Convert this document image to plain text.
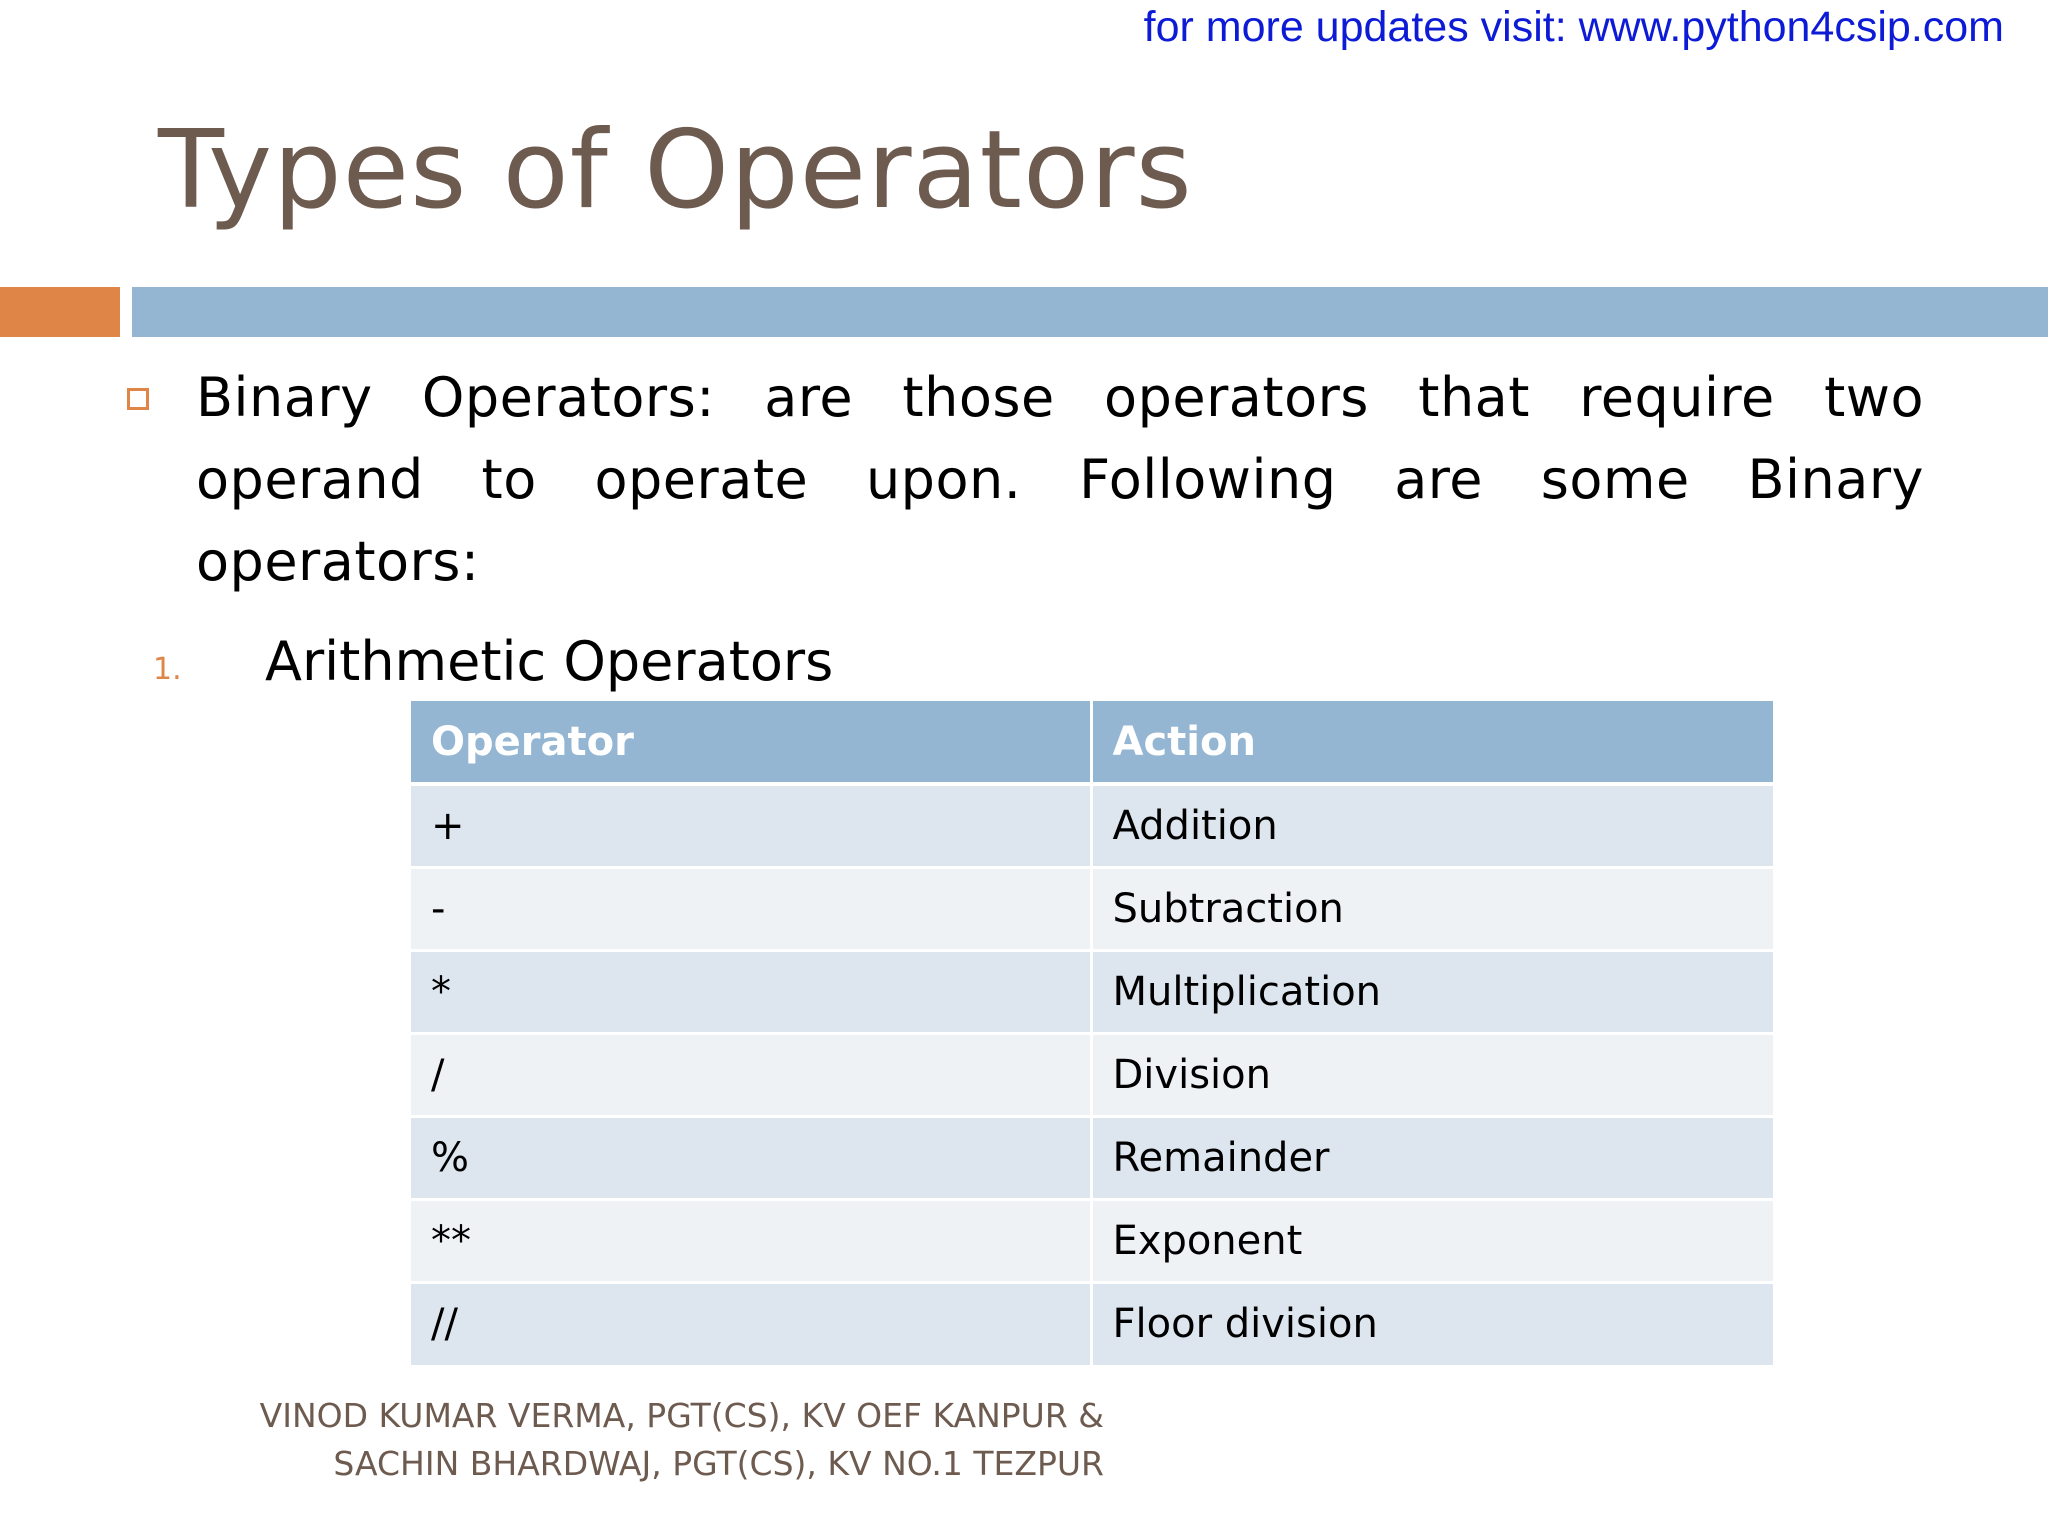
for more updates visit: www.python4csip.com
Types of Operators
Binary Operators: are those operators that require two operand to operate upon. Following are some Binary operators:
1. Arithmetic Operators
Operator	Action
+	Addition
-	Subtraction
*	Multiplication
/	Division
%	Remainder
**	Exponent
//	Floor division
VINOD KUMAR VERMA, PGT(CS), KV OEF KANPUR &
SACHIN BHARDWAJ, PGT(CS), KV NO.1 TEZPUR
